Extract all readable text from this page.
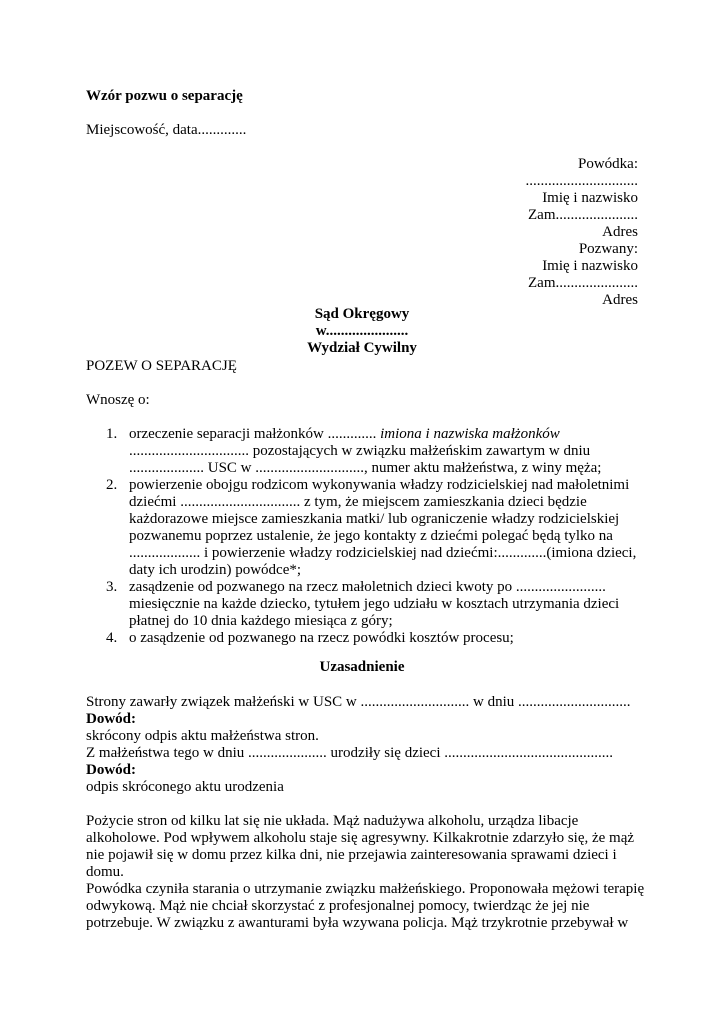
Wzór pozwu o separację
Miejscowość, data.............
Powódka:
..............................
Imię i nazwisko
Zam......................
Adres
Pozwany:
Imię i nazwisko
Zam......................
Adres
Sąd Okręgowy
w......................
Wydział Cywilny
POZEW O SEPARACJĘ
Wnoszę o:
1. orzeczenie separacji małżonków ............. imiona i nazwiska małżonków
................................ pozostających w związku małżeńskim zawartym w dniu
.................... USC w ............................., numer aktu małżeństwa, z winy męża;
2. powierzenie obojgu rodzicom wykonywania władzy rodzicielskiej nad małoletnimi
dziećmi ................................ z tym, że miejscem zamieszkania dzieci będzie
każdorazowe miejsce zamieszkania matki/ lub ograniczenie władzy rodzicielskiej
pozwanemu poprzez ustalenie, że jego kontakty z dziećmi polegać będą tylko na
................... i powierzenie władzy rodzicielskiej nad dziećmi:.............(imiona dzieci,
daty ich urodzin) powódce*;
3. zasądzenie od pozwanego na rzecz małoletnich dzieci kwoty po ........................
miesięcznie na każde dziecko, tytułem jego udziału w kosztach utrzymania dzieci
płatnej do 10 dnia każdego miesiąca z góry;
4. o zasądzenie od pozwanego na rzecz powódki kosztów procesu;
Uzasadnienie
Strony zawarły związek małżeński w USC w ............................. w dniu ..............................
Dowód:
skrócony odpis aktu małżeństwa stron.
Z małżeństwa tego w dniu ..................... urodziły się dzieci .............................................
Dowód:
odpis skróconego aktu urodzenia
Pożycie stron od kilku lat się nie układa. Mąż nadużywa alkoholu, urządza libacje
alkoholowe. Pod wpływem alkoholu staje się agresywny. Kilkakrotnie zdarzyło się, że mąż
nie pojawił się w domu przez kilka dni, nie przejawia zainteresowania sprawami dzieci i
domu.
Powódka czyniła starania o utrzymanie związku małżeńskiego. Proponowała mężowi terapię
odwykową. Mąż nie chciał skorzystać z profesjonalnej pomocy, twierdząc że jej nie
potrzebuje. W związku z awanturami była wzywana policja. Mąż trzykrotnie przebywał w
